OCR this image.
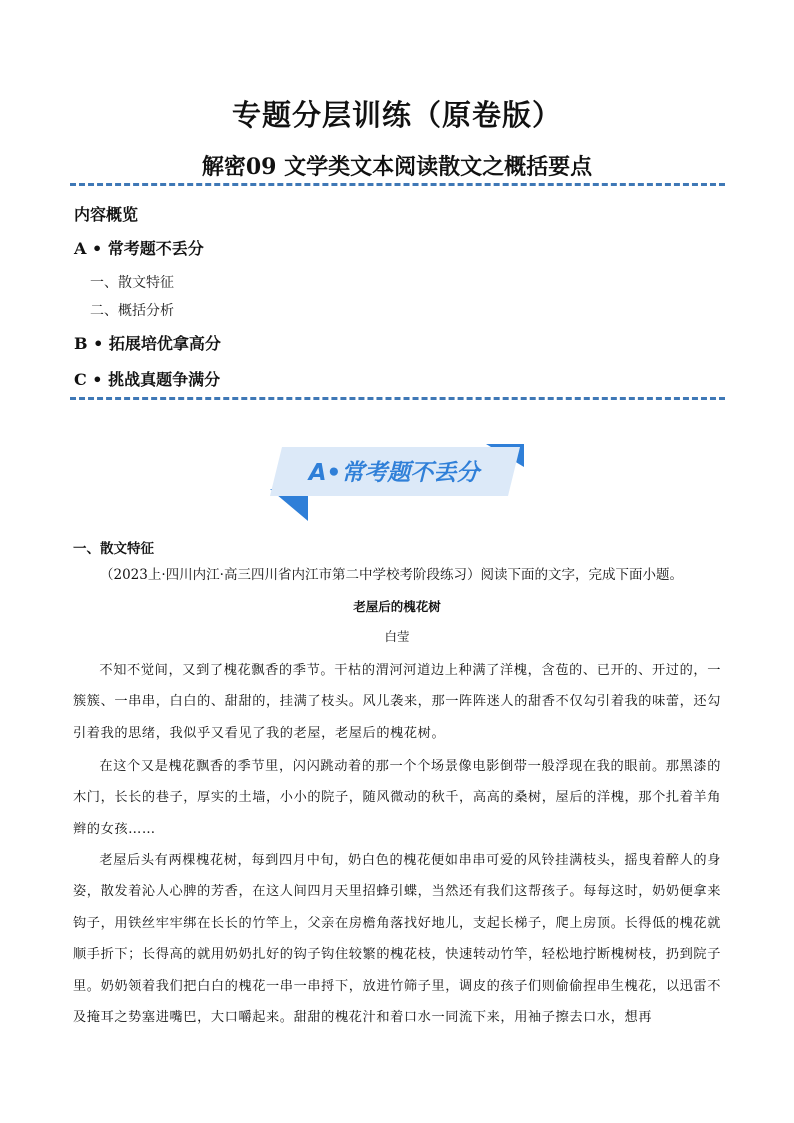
专题分层训练（原卷版）
解密09 文学类文本阅读散文之概括要点
内容概览
A • 常考题不丢分
一、散文特征
二、概括分析
B • 拓展培优拿高分
C • 挑战真题争满分
A•常考题不丢分
一、散文特征
（2023上·四川内江·高三四川省内江市第二中学校考阶段练习）阅读下面的文字，完成下面小题。
老屋后的槐花树
白莹
不知不觉间，又到了槐花飘香的季节。干枯的渭河河道边上种满了洋槐，含苞的、已开的、开过的，一簇簇、一串串，白白的、甜甜的，挂满了枝头。风儿袭来，那一阵阵迷人的甜香不仅勾引着我的味蕾，还勾引着我的思绪，我似乎又看见了我的老屋，老屋后的槐花树。
在这个又是槐花飘香的季节里，闪闪跳动着的那一个个场景像电影倒带一般浮现在我的眼前。那黑漆的木门，长长的巷子，厚实的土墙，小小的院子，随风微动的秋千，高高的桑树，屋后的洋槐，那个扎着羊角辫的女孩……
老屋后头有两棵槐花树，每到四月中旬，奶白色的槐花便如串串可爱的风铃挂满枝头，摇曳着醉人的身姿，散发着沁人心脾的芳香，在这人间四月天里招蜂引蝶，当然还有我们这帮孩子。每每这时，奶奶便拿来钩子，用铁丝牢牢绑在长长的竹竿上，父亲在房檐角落找好地儿，支起长梯子，爬上房顶。长得低的槐花就顺手折下；长得高的就用奶奶扎好的钩子钩住较繁的槐花枝，快速转动竹竿，轻松地拧断槐树枝，扔到院子里。奶奶领着我们把白白的槐花一串一串捋下，放进竹筛子里，调皮的孩子们则偷偷捏串生槐花，以迅雷不及掩耳之势塞进嘴巴，大口嚼起来。甜甜的槐花汁和着口水一同流下来，用袖子擦去口水，想再
